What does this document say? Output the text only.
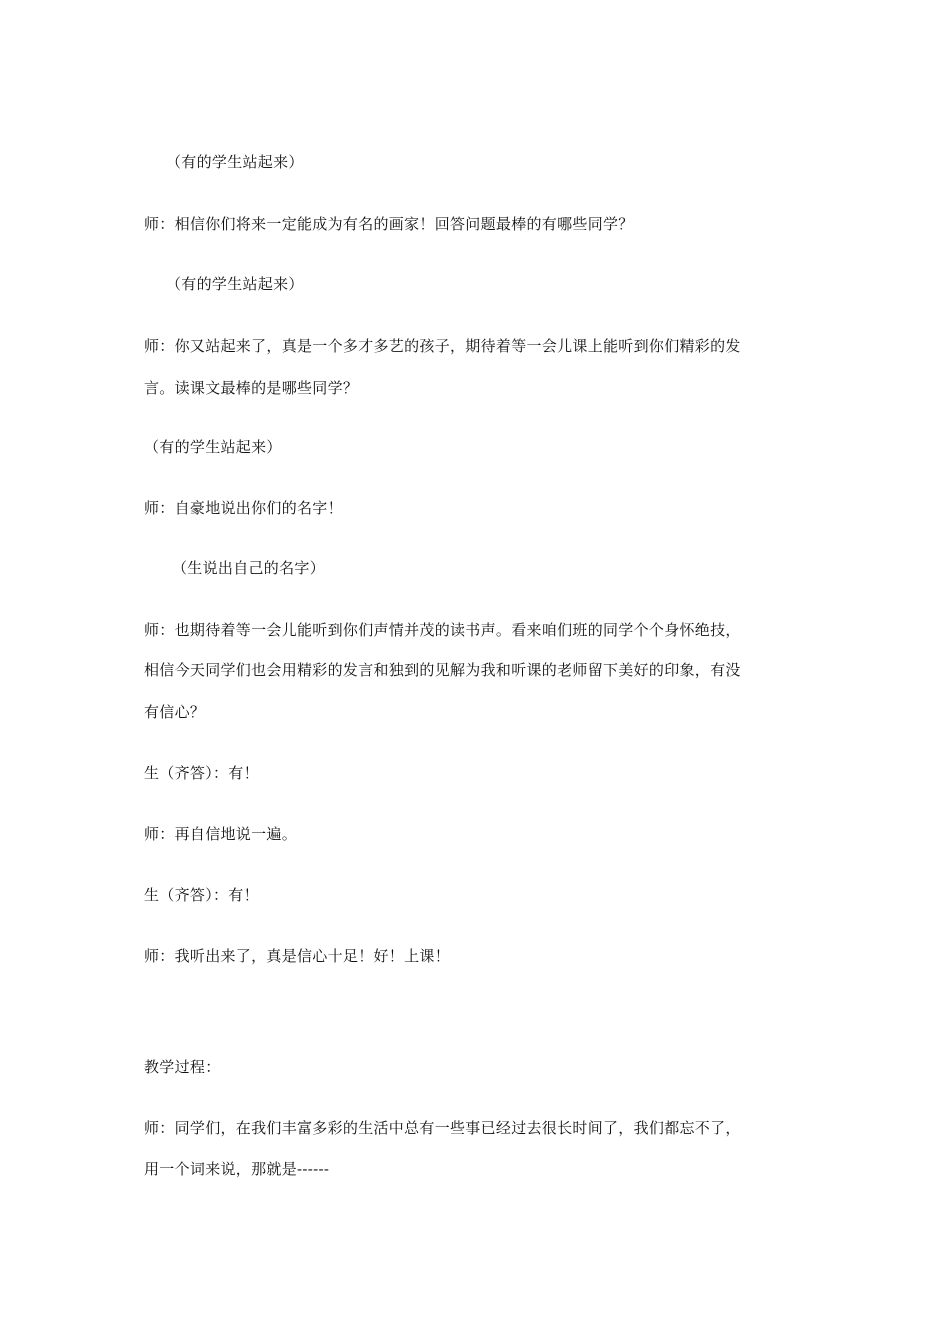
（有的学生站起来）
师：相信你们将来一定能成为有名的画家！回答问题最棒的有哪些同学？
（有的学生站起来）
师：你又站起来了，真是一个多才多艺的孩子，期待着等一会儿课上能听到你们精彩的发
言。读课文最棒的是哪些同学？
（有的学生站起来）
师：自豪地说出你们的名字！
（生说出自己的名字）
师：也期待着等一会儿能听到你们声情并茂的读书声。看来咱们班的同学个个身怀绝技，
相信今天同学们也会用精彩的发言和独到的见解为我和听课的老师留下美好的印象，有没
有信心？
生（齐答）：有！
师：再自信地说一遍。
生（齐答）：有！
师：我听出来了，真是信心十足！好！上课！
教学过程：
师：同学们，在我们丰富多彩的生活中总有一些事已经过去很长时间了，我们都忘不了，
用一个词来说，那就是------
